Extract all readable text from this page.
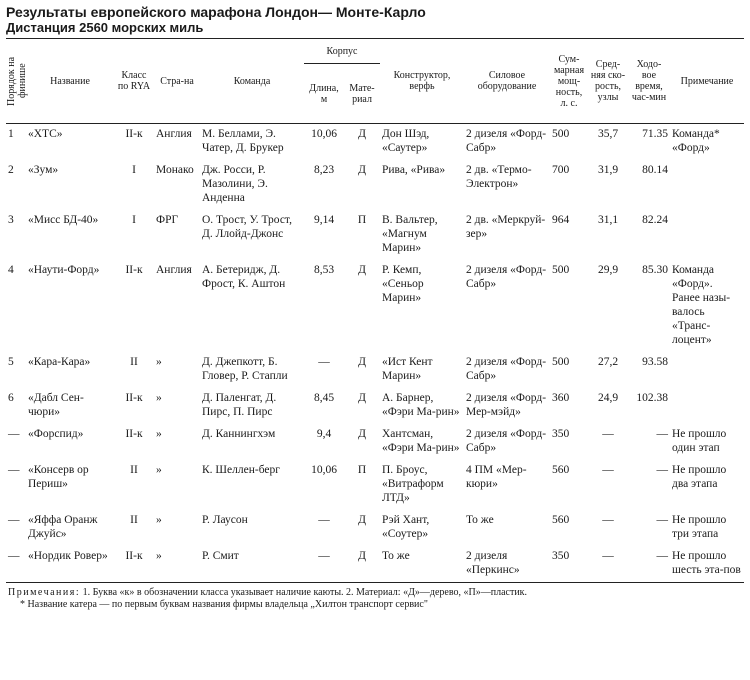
Результаты европейского марафона Лондон— Монте-Карло
Дистанция 2560 морских миль
Порядок на финише	Название	Класс по RYA	Стра-на	Команда	Корпус		Конструктор, верфь	Силовое оборудование	Сум-марная мощ-ность, л. с.	Сред-няя ско-рость, узлы	Ходо-вое время, час-мин	Примечание
					Длина, м	Мате-риал						
1	«ХТС»	II-к	Англия	М. Беллами, Э. Чатер, Д. Брукер	10,06	Д	Дон Шэд, «Саутер»	2 дизеля «Форд-Сабр»	500	35,7	71.35	Команда* «Форд»
2	«Зум»	I	Монако	Дж. Росси, Р. Мазолини, Э. Анденна	8,23	Д	Рива, «Рива»	2 дв. «Термо-Электрон»	700	31,9	80.14	
3	«Мисс БД-40»	I	ФРГ	О. Трост, У. Трост, Д. Ллойд-Джонс	9,14	П	В. Вальтер, «Магнум Марин»	2 дв. «Меркруй-зер»	964	31,1	82.24	
4	«Наути-Форд»	II-к	Англия	А. Бетеридж, Д. Фрост, К. Аштон	8,53	Д	Р. Кемп, «Сеньор Марин»	2 дизеля «Форд-Сабр»	500	29,9	85.30	Команда «Форд». Ранее назы-валось «Транс-лоцент»
5	«Кара-Кара»	II	»	Д. Джепкотт, Б. Гловер, Р. Стапли	—	Д	«Ист Кент Марин»	2 дизеля «Форд-Сабр»	500	27,2	93.58	
6	«Дабл Сен-чюри»	II-к	»	Д. Паленгат, Д. Пирс, П. Пирс	8,45	Д	А. Барнер, «Фэри Ма-рин»	2 дизеля «Форд-Мер-мэйд»	360	24,9	102.38	
—	«Форспид»	II-к	»	Д. Каннингхэм	9,4	Д	Хантсман, «Фэри Ма-рин»	2 дизеля «Форд-Сабр»	350	—	—	Не прошло один этап
—	«Консерв ор Периш»	II	»	К. Шеллен-берг	10,06	П	П. Броус, «Витраформ ЛТД»	4 ПМ «Мер-кюри»	560	—	—	Не прошло два этапа
—	«Яффа Оранж Джуйс»	II	»	Р. Лаусон	—	Д	Рэй Хант, «Соутер»	То же	560	—	—	Не прошло три этапа
—	«Нордик Ровер»	II-к	»	Р. Смит	—	Д	То же	2 дизеля «Перкинс»	350	—	—	Не прошло шесть эта-пов
Примечания: 1. Буква «к» в обозначении класса указывает наличие каюты. 2. Материал: «Д»—дерево, «П»—пластик.
* Название катера — по первым буквам названия фирмы владельца „Хилтон транспорт сервис"
